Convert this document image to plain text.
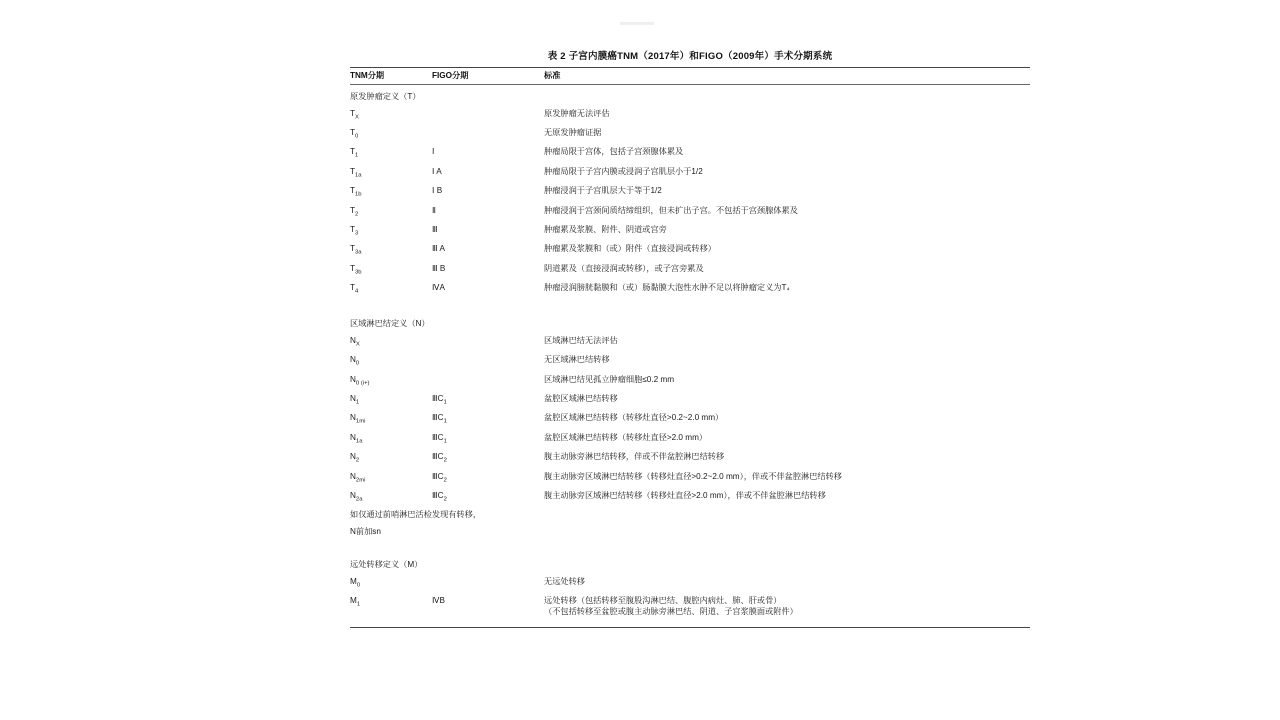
表 2 子宫内膜癌TNM（2017年）和FIGO（2009年）手术分期系统
TNM分期	FIGO分期	标准
原发肿瘤定义（T）		
$T_X$		原发肿瘤无法评估
$T_0$		无原发肿瘤证据
$T_1$	Ⅰ	肿瘤局限于宫体，包括子宫颈腺体累及
$T_{1a}$	Ⅰ A	肿瘤局限于子宫内膜或浸润子宫肌层小于1/2
$T_{1b}$	Ⅰ B	肿瘤浸润于子宫肌层大于等于1/2
$T_2$	Ⅱ	肿瘤浸润于宫颈间质结缔组织，但未扩出子宫。不包括于宫颈腺体累及
$T_3$	Ⅲ	肿瘤累及浆膜、附件、阴道或宫旁
$T_{3a}$	Ⅲ A	肿瘤累及浆膜和（或）附件（直接浸润或转移）
$T_{3b}$	Ⅲ B	阴道累及（直接浸润或转移），或子宫旁累及
$T_4$	ⅣA	肿瘤浸润膀胱黏膜和（或）肠黏膜大泡性水肿不足以将肿瘤定义为T₄
区域淋巴结定义（N）		
$N_X$		区域淋巴结无法评估
$N_0$		无区域淋巴结转移
$N_{0 (i+)}$		区域淋巴结见孤立肿瘤细胞≤0.2 mm
$N_1$	$ⅢC_1$	盆腔区域淋巴结转移
$N_{1mi}$	$ⅢC_1$	盆腔区域淋巴结转移（转移灶直径>0.2~2.0 mm）
$N_{1a}$	$ⅢC_1$	盆腔区域淋巴结转移（转移灶直径>2.0 mm）
$N_2$	$ⅢC_2$	腹主动脉旁淋巴结转移，伴或不伴盆腔淋巴结转移
$N_{2mi}$	$ⅢC_2$	腹主动脉旁区域淋巴结转移（转移灶直径>0.2~2.0 mm），伴或不伴盆腔淋巴结转移
$N_{2a}$	$ⅢC_2$	腹主动脉旁区域淋巴结转移（转移灶直径>2.0 mm），伴或不伴盆腔淋巴结转移
如仅通过前哨淋巴活检发现有转移，		
N前加sn		
远处转移定义（M）		
$M_0$		无远处转移
$M_1$	ⅣB	远处转移（包括转移至腹股沟淋巴结、腹腔内病灶、肺、肝或骨）
（不包括转移至盆腔或腹主动脉旁淋巴结、阴道、子宫浆膜面或附件）
